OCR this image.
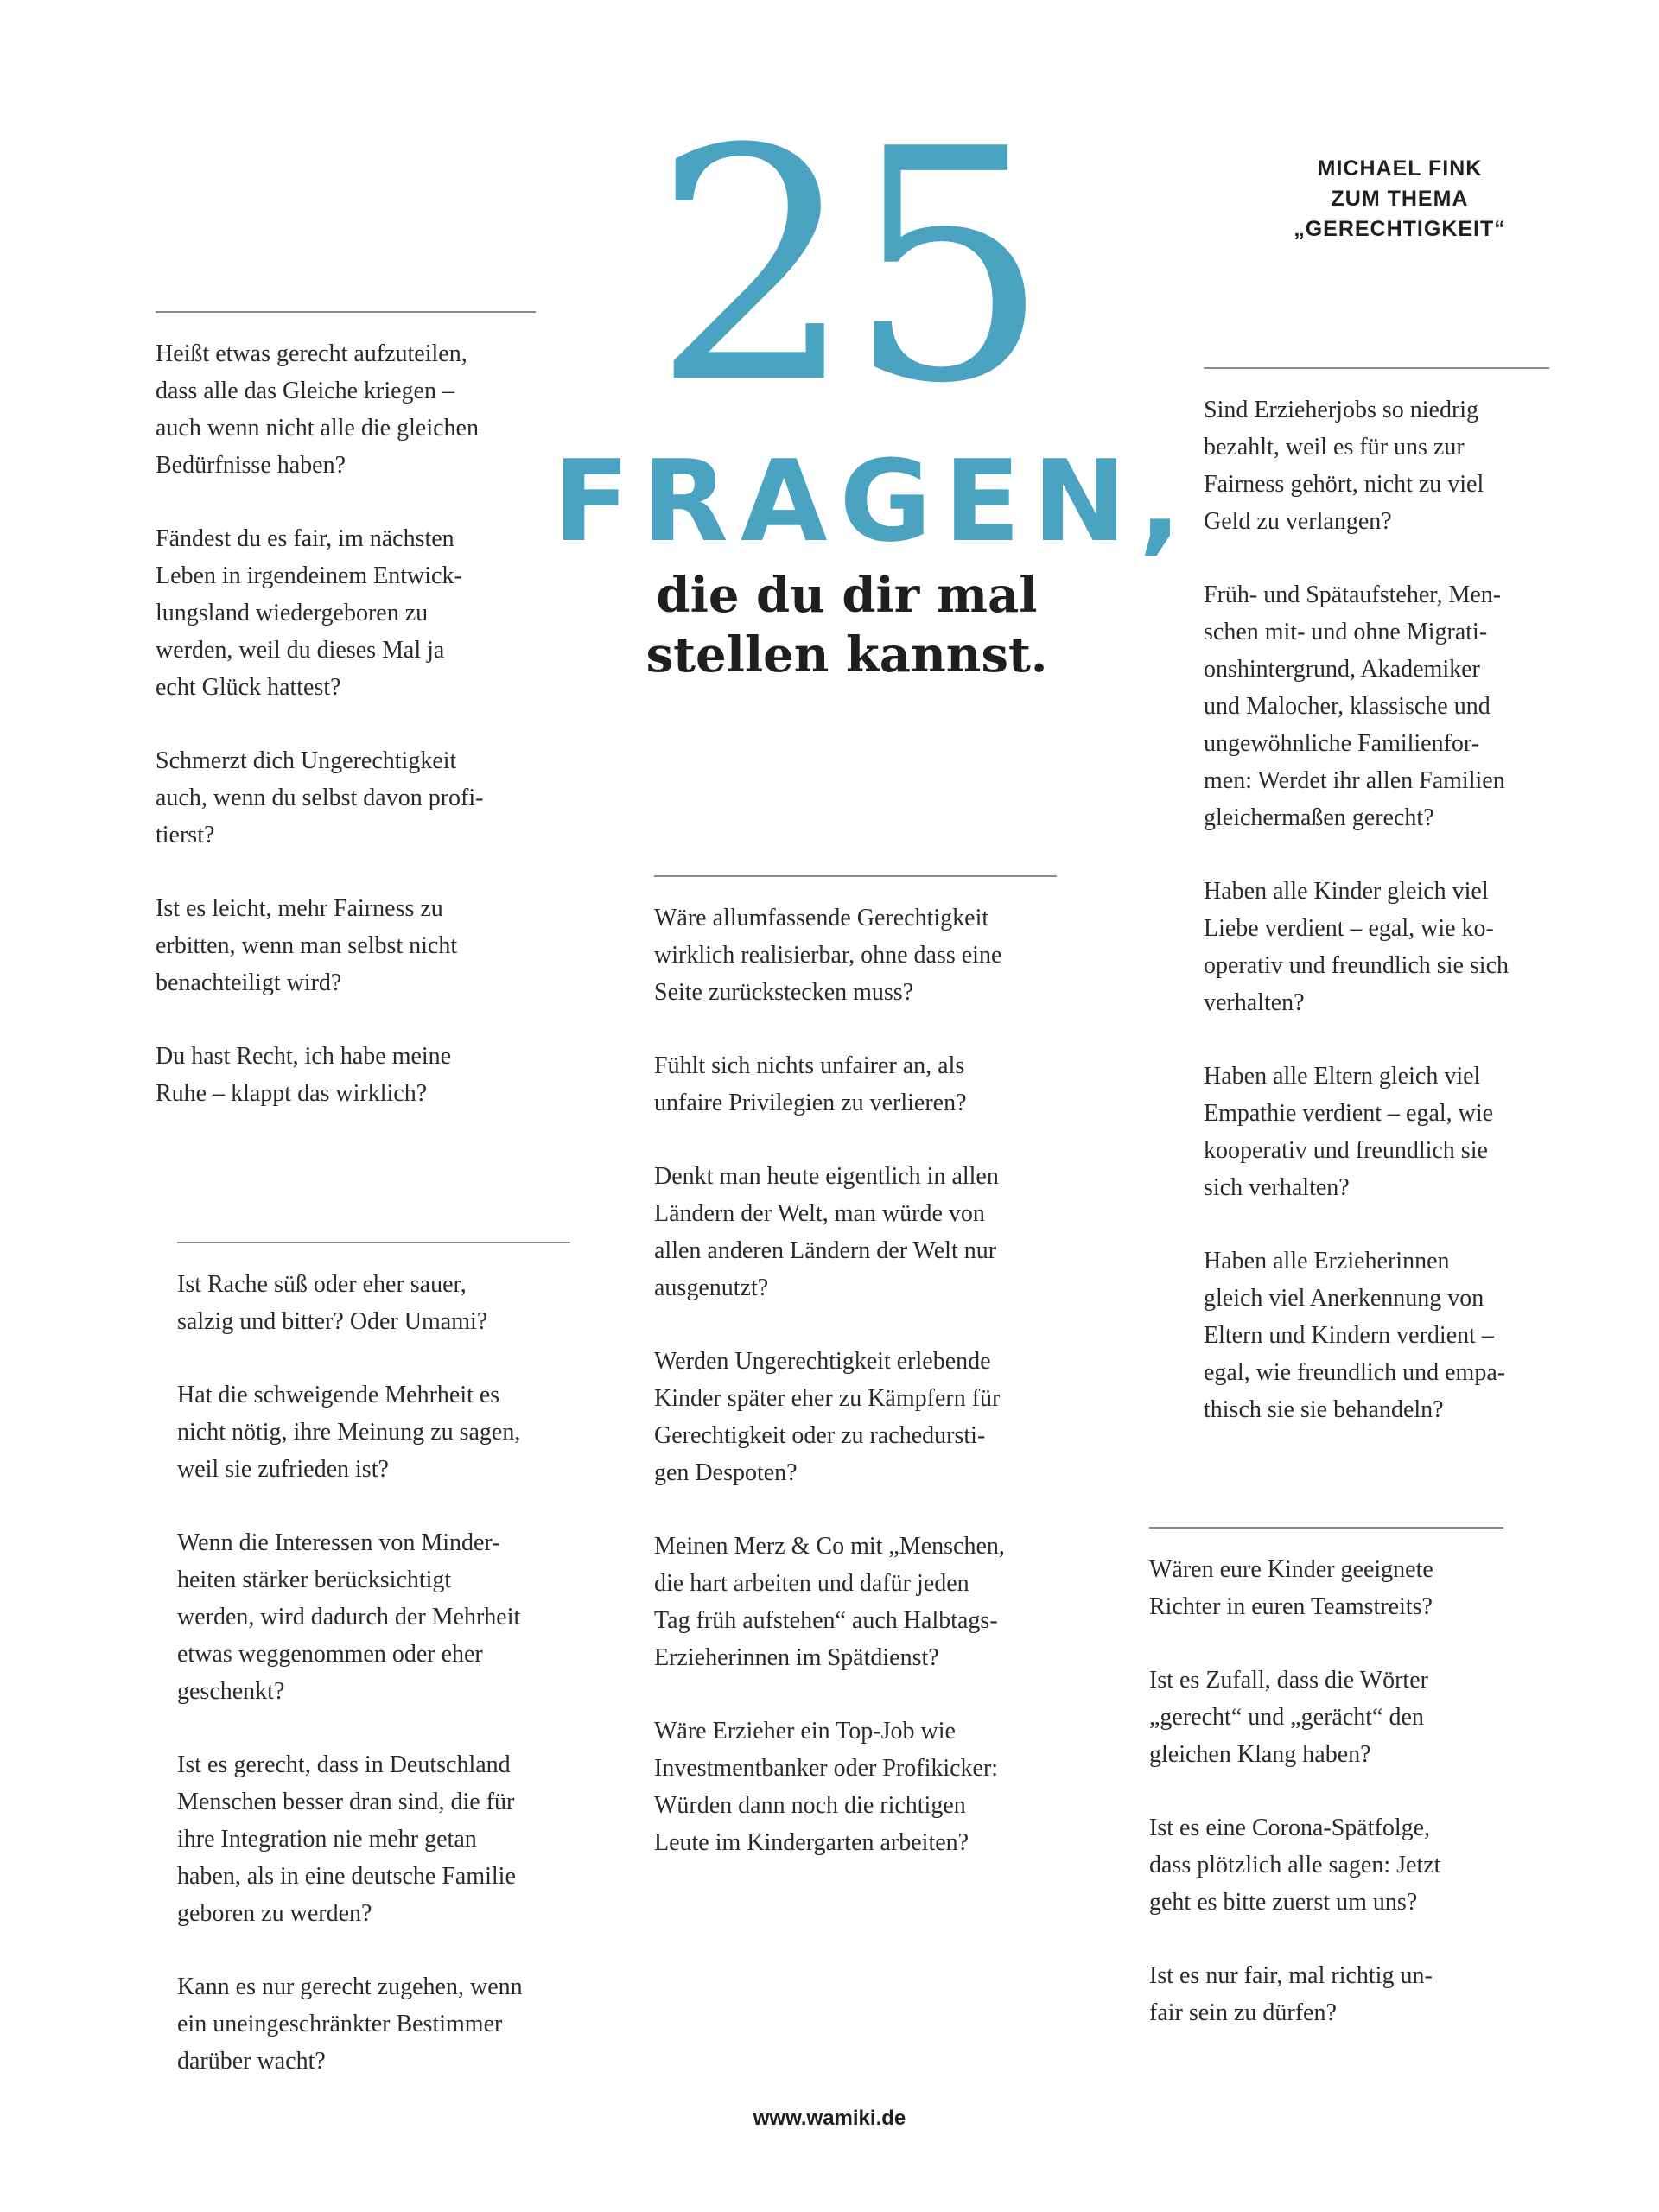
MICHAEL FINK
ZUM THEMA
„GERECHTIGKEIT“
25
FRAGEN,
die du dir mal
stellen kannst.

Heißt etwas gerecht aufzuteilen,
dass alle das Gleiche kriegen –
auch wenn nicht alle die gleichen
Bedürfnisse haben?

Fändest du es fair, im nächsten
Leben in irgendeinem Entwick-
lungsland wiedergeboren zu
werden, weil du dieses Mal ja
echt Glück hattest?

Schmerzt dich Ungerechtigkeit
auch, wenn du selbst davon profi-
tierst?

Ist es leicht, mehr Fairness zu
erbitten, wenn man selbst nicht
benachteiligt wird?

Du hast Recht, ich habe meine
Ruhe – klappt das wirklich?

Ist Rache süß oder eher sauer,
salzig und bitter? Oder Umami?

Hat die schweigende Mehrheit es
nicht nötig, ihre Meinung zu sagen,
weil sie zufrieden ist?

Wenn die Interessen von Minder-
heiten stärker berücksichtigt
werden, wird dadurch der Mehrheit
etwas weggenommen oder eher
geschenkt?

Ist es gerecht, dass in Deutschland
Menschen besser dran sind, die für
ihre Integration nie mehr getan
haben, als in eine deutsche Familie
geboren zu werden?

Kann es nur gerecht zugehen, wenn
ein uneingeschränkter Bestimmer
darüber wacht?

Wäre allumfassende Gerechtigkeit
wirklich realisierbar, ohne dass eine
Seite zurückstecken muss?

Fühlt sich nichts unfairer an, als
unfaire Privilegien zu verlieren?

Denkt man heute eigentlich in allen
Ländern der Welt, man würde von
allen anderen Ländern der Welt nur
ausgenutzt?

Werden Ungerechtigkeit erlebende
Kinder später eher zu Kämpfern für
Gerechtigkeit oder zu rachedursti-
gen Despoten?

Meinen Merz & Co mit „Menschen,
die hart arbeiten und dafür jeden
Tag früh aufstehen“ auch Halbtags-
Erzieherinnen im Spätdienst?

Wäre Erzieher ein Top-Job wie
Investmentbanker oder Profikicker:
Würden dann noch die richtigen
Leute im Kindergarten arbeiten?

Sind Erzieherjobs so niedrig
bezahlt, weil es für uns zur
Fairness gehört, nicht zu viel
Geld zu verlangen?

Früh- und Spätaufsteher, Men-
schen mit- und ohne Migrati-
onshintergrund, Akademiker
und Malocher, klassische und
ungewöhnliche Familienfor-
men: Werdet ihr allen Familien
gleichermaßen gerecht?

Haben alle Kinder gleich viel
Liebe verdient – egal, wie ko-
operativ und freundlich sie sich
verhalten?

Haben alle Eltern gleich viel
Empathie verdient – egal, wie
kooperativ und freundlich sie
sich verhalten?

Haben alle Erzieherinnen
gleich viel Anerkennung von
Eltern und Kindern verdient –
egal, wie freundlich und empa-
thisch sie sie behandeln?

Wären eure Kinder geeignete
Richter in euren Teamstreits?

Ist es Zufall, dass die Wörter
„gerecht“ und „gerächt“ den
gleichen Klang haben?

Ist es eine Corona-Spätfolge,
dass plötzlich alle sagen: Jetzt
geht es bitte zuerst um uns?

Ist es nur fair, mal richtig un-
fair sein zu dürfen?

www.wamiki.de
